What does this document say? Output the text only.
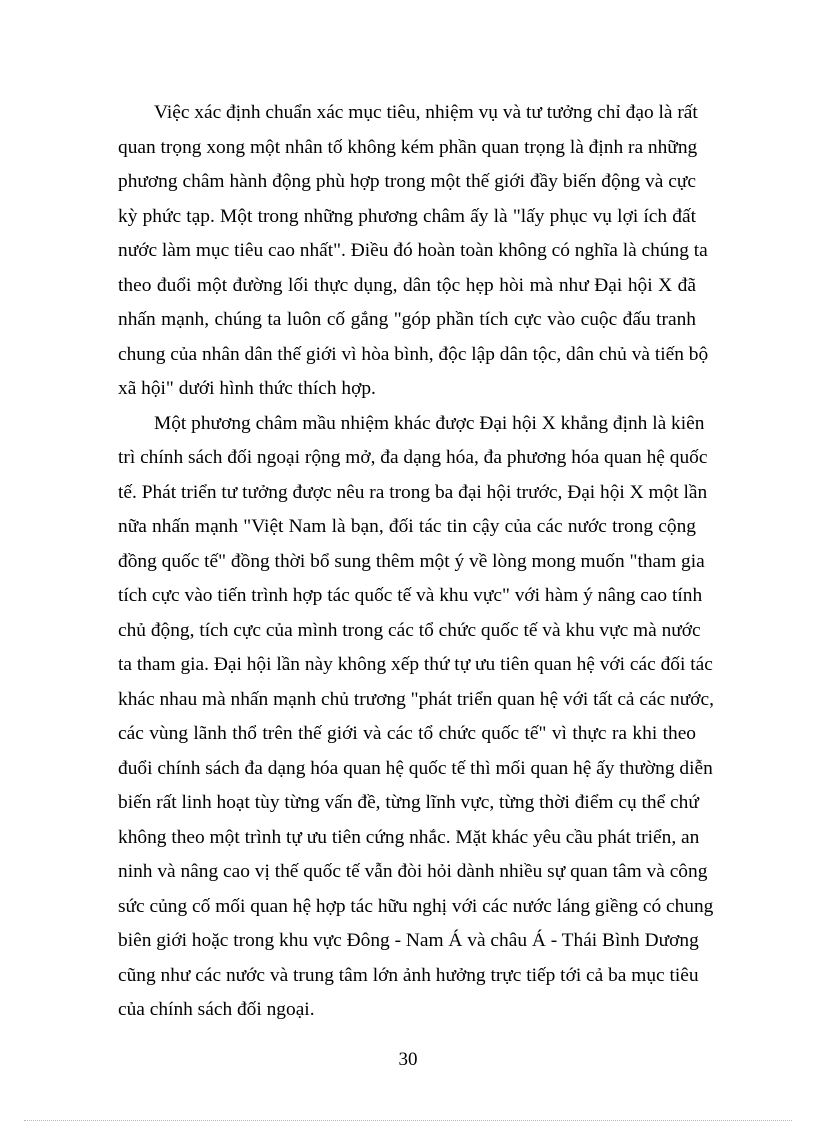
Việc xác định chuẩn xác mục tiêu, nhiệm vụ và tư tưởng chỉ đạo là rất
quan trọng xong một nhân tố không kém phần quan trọng là định ra những
phương châm hành động phù hợp trong một thế giới đầy biến động và cực
kỳ phức tạp. Một trong những phương châm ấy là "lấy phục vụ lợi ích đất
nước làm mục tiêu cao nhất". Điều đó hoàn toàn không có nghĩa là chúng ta
theo đuổi một đường lối thực dụng, dân tộc hẹp hòi mà như Đại hội X đã
nhấn mạnh, chúng ta luôn cố gắng "góp phần tích cực vào cuộc đấu tranh
chung của nhân dân thế giới vì hòa bình, độc lập dân tộc, dân chủ và tiến bộ
xã hội" dưới hình thức thích hợp.

Một phương châm mầu nhiệm khác được Đại hội X khẳng định là kiên
trì chính sách đối ngoại rộng mở, đa dạng hóa, đa phương hóa quan hệ quốc
tế. Phát triển tư tưởng được nêu ra trong ba đại hội trước, Đại hội X một lần
nữa nhấn mạnh "Việt Nam là bạn, đối tác tin cậy của các nước trong cộng
đồng quốc tế" đồng thời bổ sung thêm một ý về lòng mong muốn "tham gia
tích cực vào tiến trình hợp tác quốc tế và khu vực" với hàm ý nâng cao tính
chủ động, tích cực của mình trong các tổ chức quốc tế và khu vực mà nước
ta tham gia. Đại hội lần này không xếp thứ tự ưu tiên quan hệ với các đối tác
khác nhau mà nhấn mạnh chủ trương "phát triển quan hệ với tất cả các nước,
các vùng lãnh thổ trên thế giới và các tổ chức quốc tế" vì thực ra khi theo
đuổi chính sách đa dạng hóa quan hệ quốc tế thì mối quan hệ ấy thường diễn
biến rất linh hoạt tùy từng vấn đề, từng lĩnh vực, từng thời điểm cụ thể chứ
không theo một trình tự ưu tiên cứng nhắc. Mặt khác yêu cầu phát triển, an
ninh và nâng cao vị thế quốc tế vẫn đòi hỏi dành nhiều sự quan tâm và công
sức củng cố mối quan hệ hợp tác hữu nghị với các nước láng giềng có chung
biên giới hoặc trong khu vực Đông - Nam Á và châu Á - Thái Bình Dương
cũng như các nước và trung tâm lớn ảnh hưởng trực tiếp tới cả ba mục tiêu
của chính sách đối ngoại.

30
